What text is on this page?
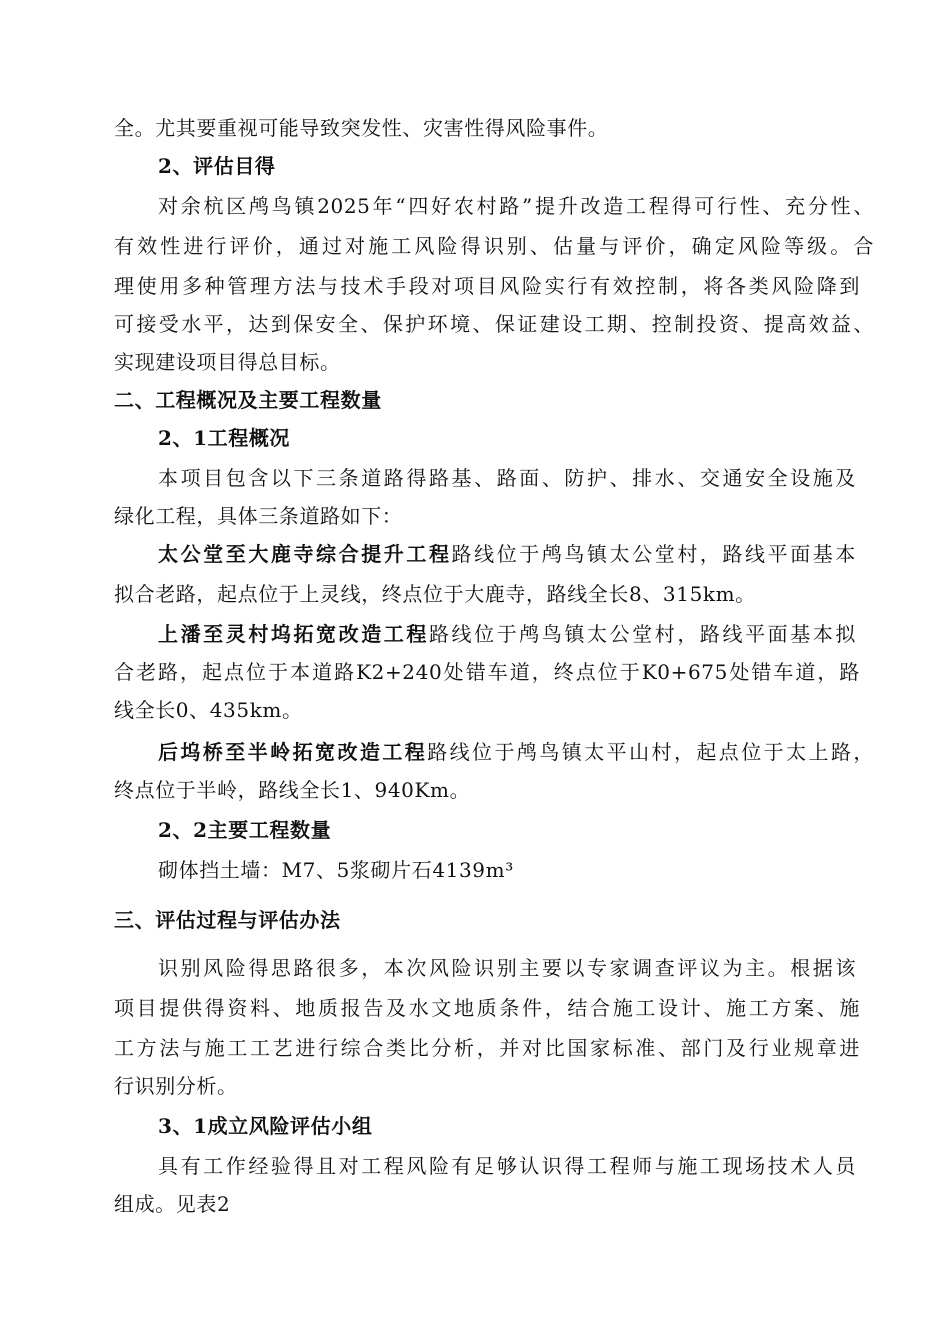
全。尤其要重视可能导致突发性、灾害性得风险事件。
2、评估目得
对余杭区鸬鸟镇2025年“四好农村路”提升改造工程得可行性、充分性、
有效性进行评价，通过对施工风险得识别、估量与评价，确定风险等级。合
理使用多种管理方法与技术手段对项目风险实行有效控制，将各类风险降到
可接受水平，达到保安全、保护环境、保证建设工期、控制投资、提高效益、
实现建设项目得总目标。
二、工程概况及主要工程数量
2、1工程概况
本项目包含以下三条道路得路基、路面、防护、排水、交通安全设施及
绿化工程，具体三条道路如下：
太公堂至大鹿寺综合提升工程路线位于鸬鸟镇太公堂村，路线平面基本
拟合老路，起点位于上灵线，终点位于大鹿寺，路线全长8、315km。
上潘至灵村坞拓宽改造工程路线位于鸬鸟镇太公堂村，路线平面基本拟
合老路，起点位于本道路K2+240处错车道，终点位于K0+675处错车道，路
线全长0、435km。
后坞桥至半岭拓宽改造工程路线位于鸬鸟镇太平山村，起点位于太上路，
终点位于半岭，路线全长1、940Km。
2、2主要工程数量
砌体挡土墙：M7、5浆砌片石4139m³
三、评估过程与评估办法
识别风险得思路很多，本次风险识别主要以专家调查评议为主。根据该
项目提供得资料、地质报告及水文地质条件，结合施工设计、施工方案、施
工方法与施工工艺进行综合类比分析，并对比国家标准、部门及行业规章进
行识别分析。
3、1成立风险评估小组
具有工作经验得且对工程风险有足够认识得工程师与施工现场技术人员
组成。见表2
